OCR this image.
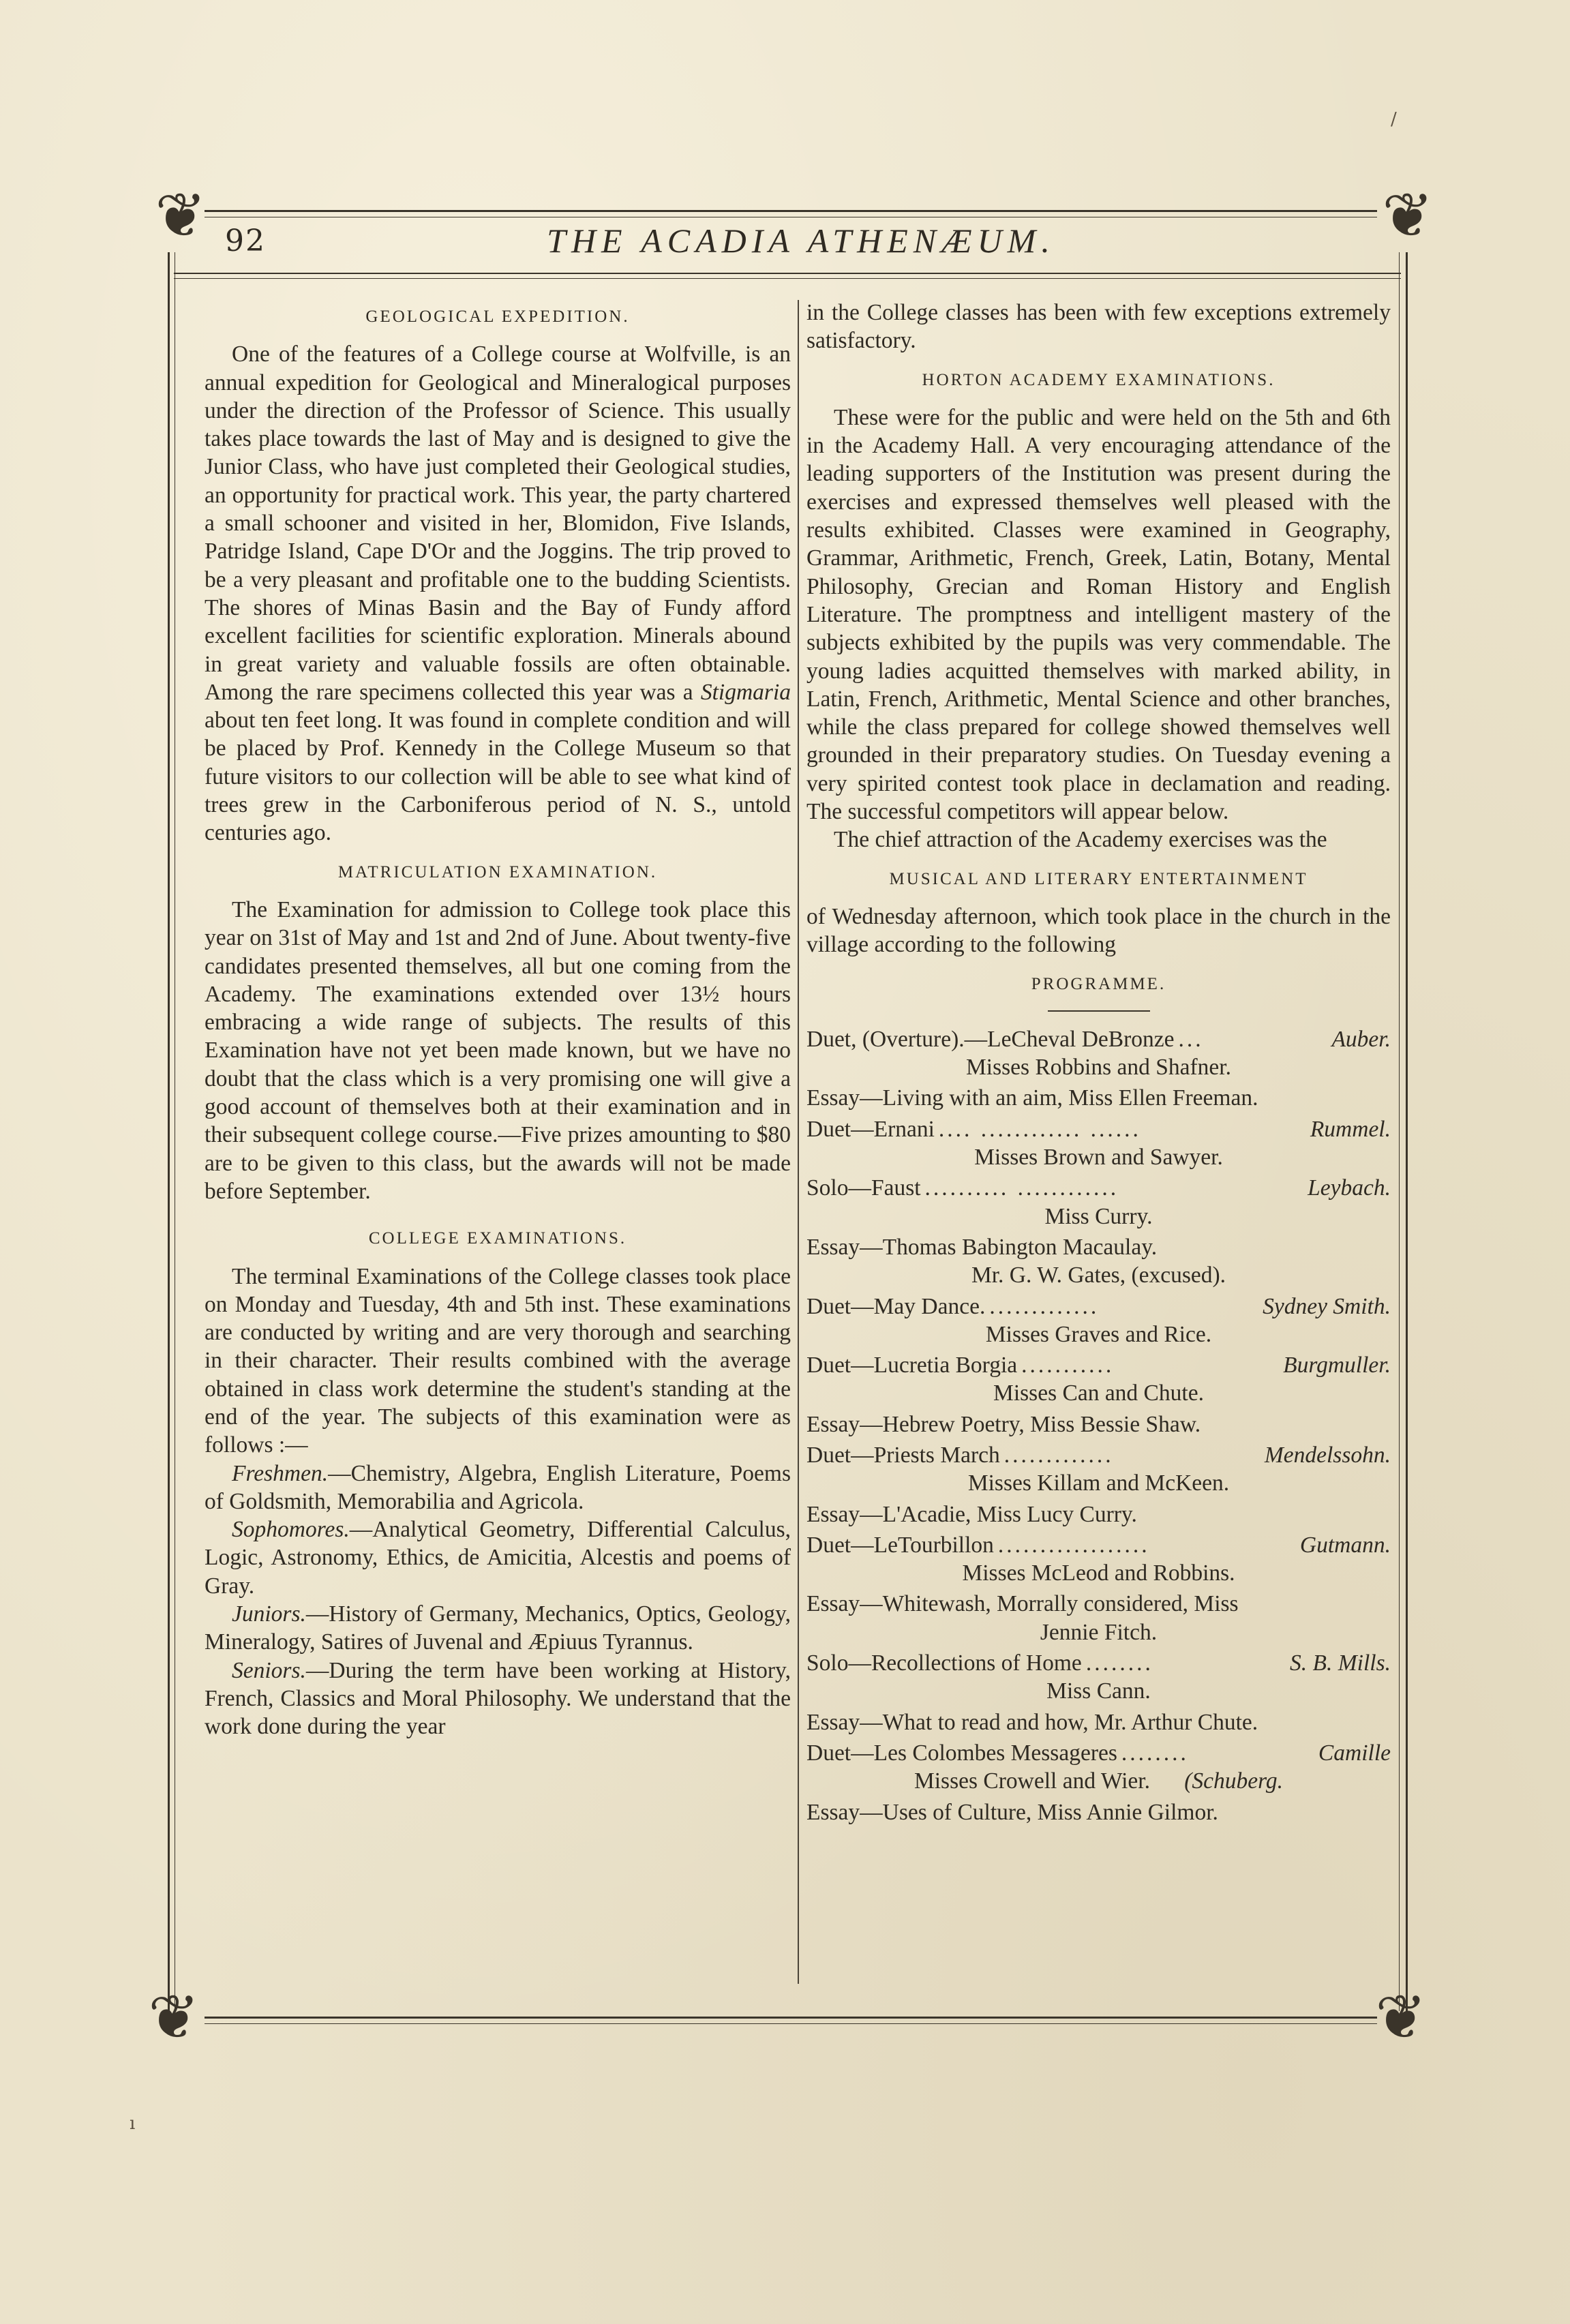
❦	❦
❦	❦
92	THE ACADIA ATHENÆUM.
GEOLOGICAL EXPEDITION.

One of the features of a College course at Wolfville, is an annual expedition for Geological and Mineralogical purposes under the direction of the Professor of Science. This usually takes place towards the last of May and is designed to give the Junior Class, who have just completed their Geological studies, an opportunity for practical work. This year, the party chartered a small schooner and visited in her, Blomidon, Five Islands, Patridge Island, Cape D'Or and the Joggins. The trip proved to be a very pleasant and profitable one to the budding Scientists. The shores of Minas Basin and the Bay of Fundy afford excellent facilities for scientific exploration. Minerals abound in great variety and valuable fossils are often obtainable. Among the rare specimens collected this year was a Stigmaria about ten feet long. It was found in complete condition and will be placed by Prof. Kennedy in the College Museum so that future visitors to our collection will be able to see what kind of trees grew in the Carboniferous period of N. S., untold centuries ago.

MATRICULATION EXAMINATION.

The Examination for admission to College took place this year on 31st of May and 1st and 2nd of June. About twenty-five candidates presented themselves, all but one coming from the Academy. The examinations extended over 13½ hours embracing a wide range of subjects. The results of this Examination have not yet been made known, but we have no doubt that the class which is a very promising one will give a good account of themselves both at their examination and in their subsequent college course.—Five prizes amounting to $80 are to be given to this class, but the awards will not be made before September.

COLLEGE EXAMINATIONS.

The terminal Examinations of the College classes took place on Monday and Tuesday, 4th and 5th inst. These examinations are conducted by writing and are very thorough and searching in their character. Their results combined with the average obtained in class work determine the student's standing at the end of the year. The subjects of this examination were as follows :—

Freshmen.—Chemistry, Algebra, English Literature, Poems of Goldsmith, Memorabilia and Agricola.

Sophomores.—Analytical Geometry, Differential Calculus, Logic, Astronomy, Ethics, de Amicitia, Alcestis and poems of Gray.

Juniors.—History of Germany, Mechanics, Optics, Geology, Mineralogy, Satires of Juvenal and Æpiuus Tyrannus.

Seniors.—During the term have been working at History, French, Classics and Moral Philosophy. We understand that the work done during the year

in the College classes has been with few exceptions extremely satisfactory.

HORTON ACADEMY EXAMINATIONS.

These were for the public and were held on the 5th and 6th in the Academy Hall. A very encouraging attendance of the leading supporters of the Institution was present during the exercises and expressed themselves well pleased with the results exhibited. Classes were examined in Geography, Grammar, Arithmetic, French, Greek, Latin, Botany, Mental Philosophy, Grecian and Roman History and English Literature. The promptness and intelligent mastery of the subjects exhibited by the pupils was very commendable. The young ladies acquitted themselves with marked ability, in Latin, French, Arithmetic, Mental Science and other branches, while the class prepared for college showed themselves well grounded in their preparatory studies. On Tuesday evening a very spirited contest took place in declamation and reading. The successful competitors will appear below.

The chief attraction of the Academy exercises was the

MUSICAL AND LITERARY ENTERTAINMENT

of Wednesday afternoon, which took place in the church in the village according to the following

PROGRAMME.
Duet, (Overture).—LeCheval DeBronze ...	Auber.
Misses Robbins and Shafner.
Essay—Living with an aim, Miss Ellen Freeman.
Duet—Ernani .... ............ ......	Rummel.
Misses Brown and Sawyer.
Solo—Faust .......... ............	Leybach.
Miss Curry.
Essay—Thomas Babington Macaulay.
Mr. G. W. Gates, (excused).
Duet—May Dance. .............	Sydney Smith.
Misses Graves and Rice.
Duet—Lucretia Borgia ...........	Burgmuller.
Misses Can and Chute.
Essay—Hebrew Poetry, Miss Bessie Shaw.
Duet—Priests March .............	Mendelssohn.
Misses Killam and McKeen.
Essay—L'Acadie, Miss Lucy Curry.
Duet—LeTourbillon ..................	Gutmann.
Misses McLeod and Robbins.
Essay—Whitewash, Morrally considered, Miss
Jennie Fitch.
Solo—Recollections of Home ........	S. B. Mills.
Miss Cann.
Essay—What to read and how, Mr. Arthur Chute.
Duet—Les Colombes Messageres ........	Camille
Misses Crowell and Wier. (Schuberg.
Essay—Uses of Culture, Miss Annie Gilmor.
/
ı
